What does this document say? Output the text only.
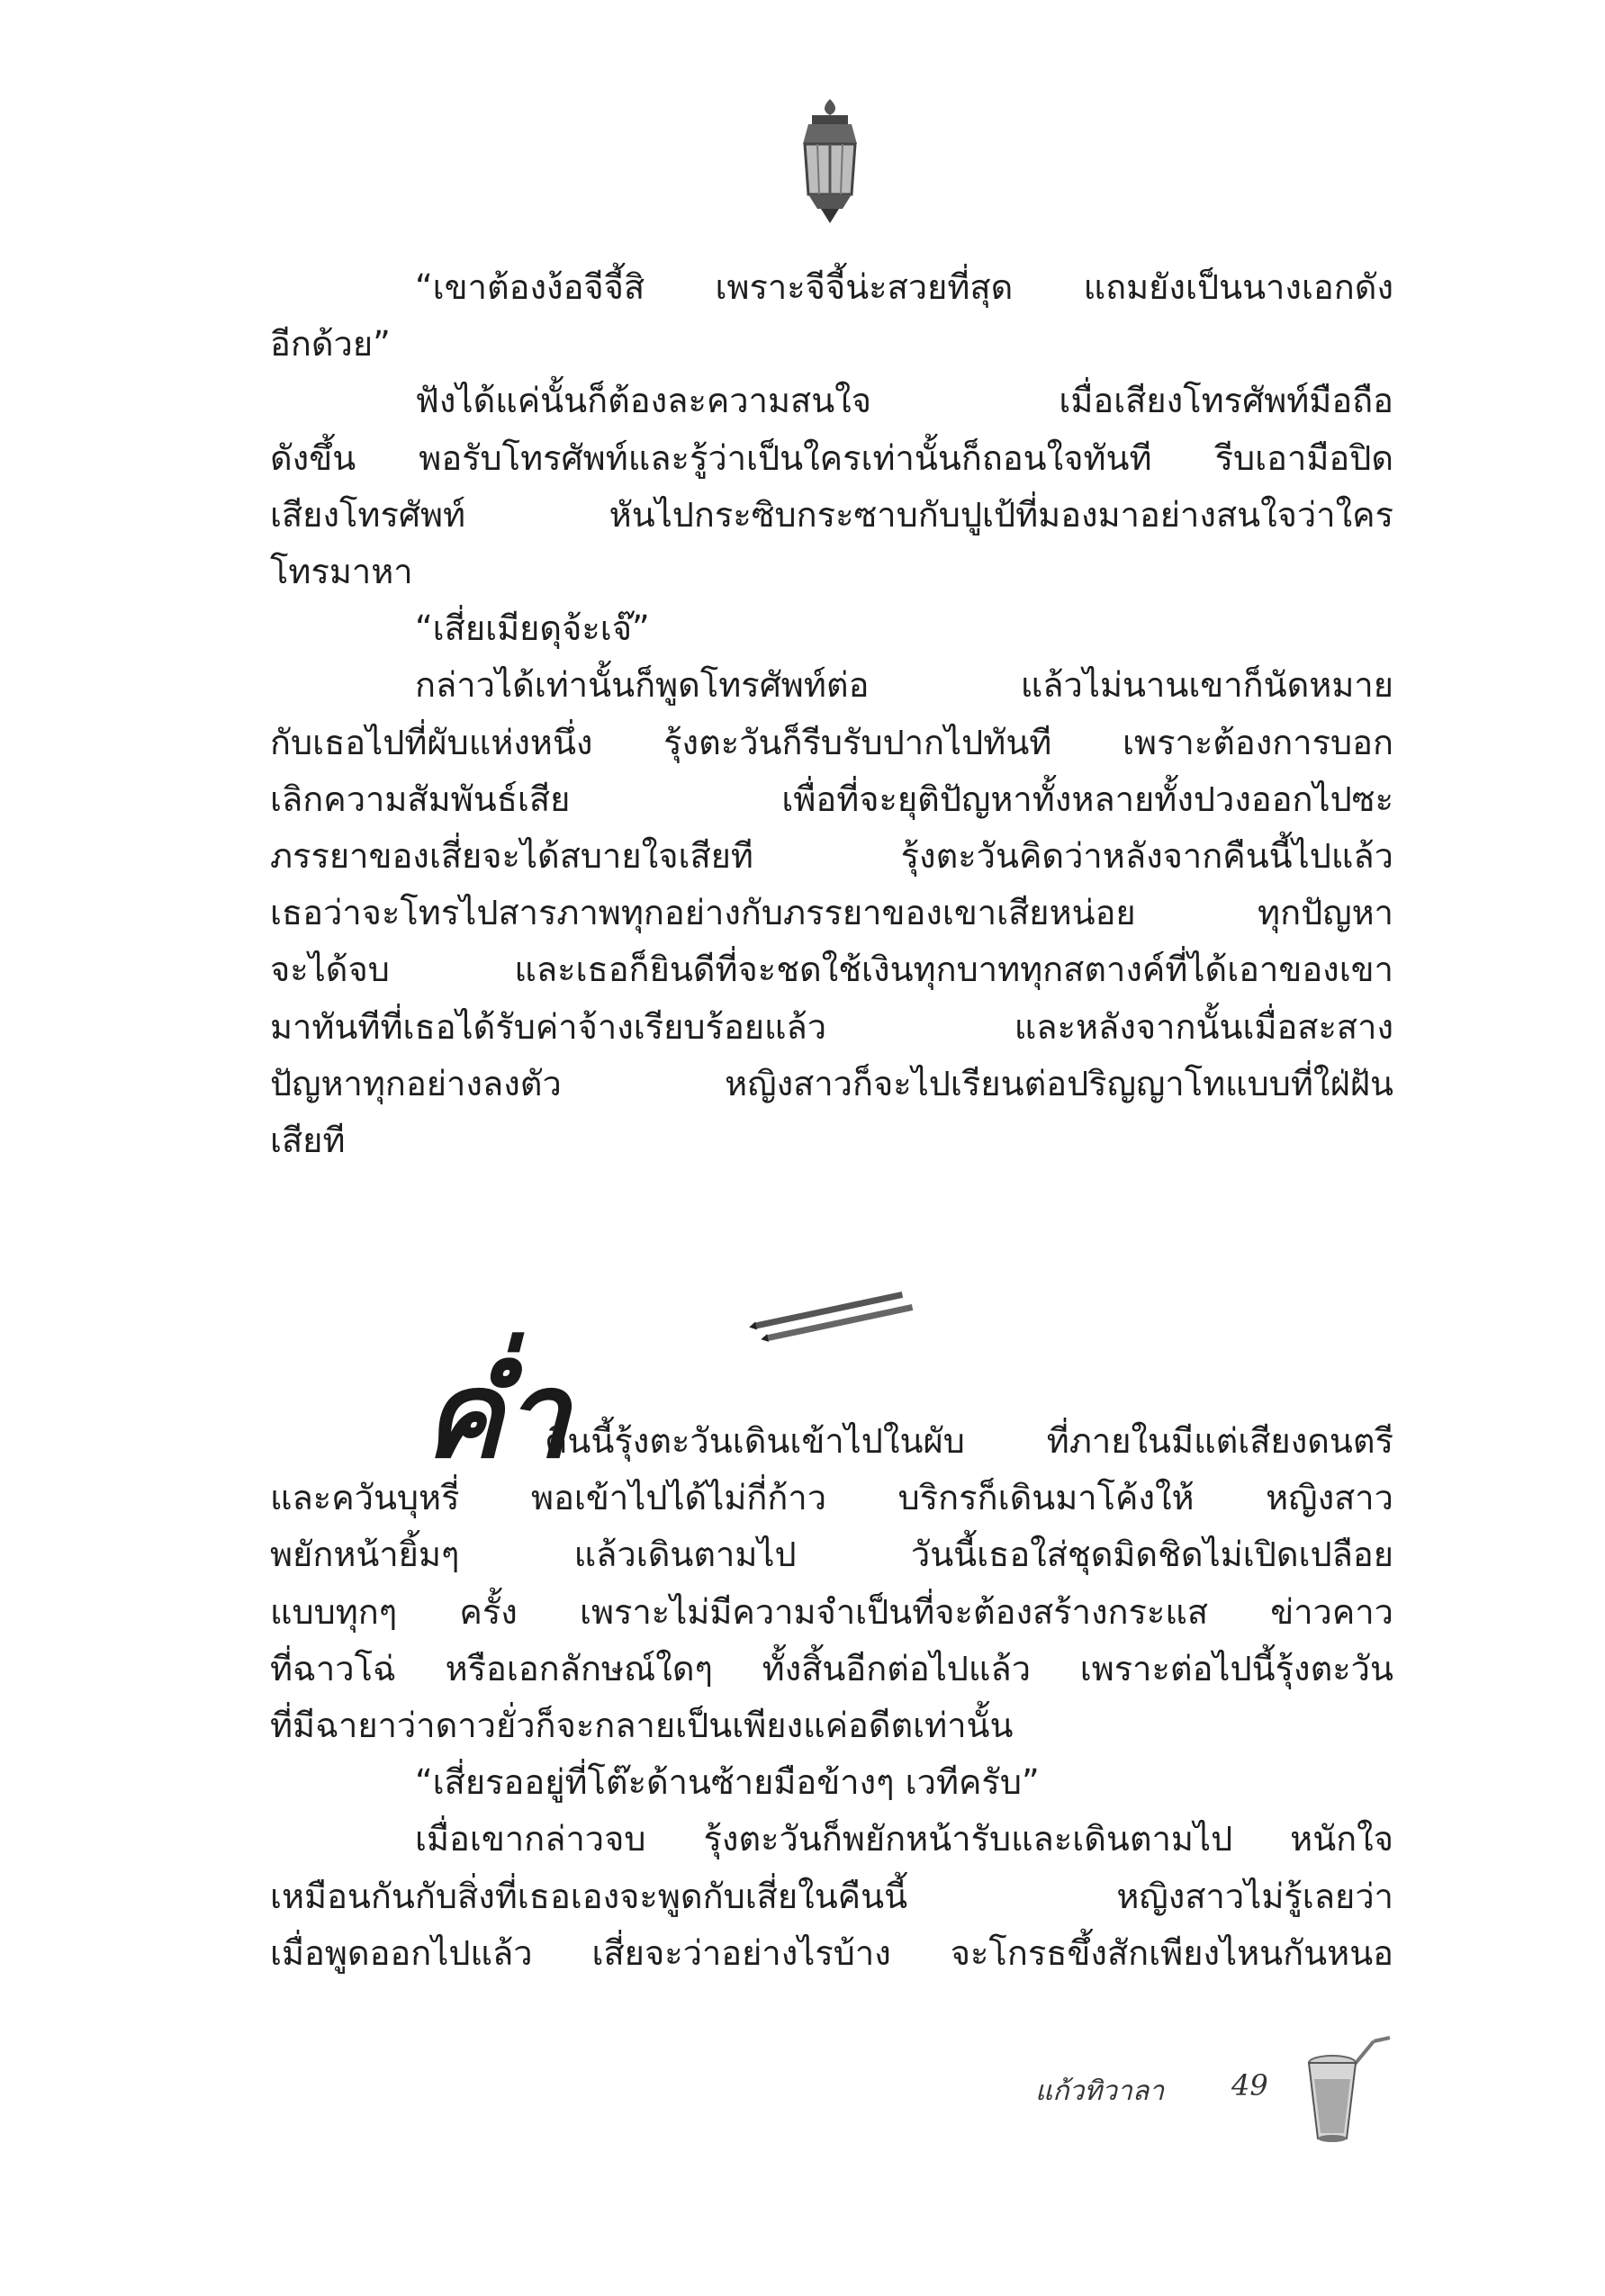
“เขาต้องง้อจีจี้สิ เพราะจีจี้น่ะสวยที่สุด แถมยังเป็นนางเอกดัง
อีกด้วย”
ฟังได้แค่นั้นก็ต้องละความสนใจ เมื่อเสียงโทรศัพท์มือถือ
ดังขึ้น พอรับโทรศัพท์และรู้ว่าเป็นใครเท่านั้นก็ถอนใจทันที รีบเอามือปิด
เสียงโทรศัพท์ หันไปกระซิบกระซาบกับปูเป้ที่มองมาอย่างสนใจว่าใคร
โทรมาหา
“เสี่ยเมียดุจ้ะเจ๊”
กล่าวได้เท่านั้นก็พูดโทรศัพท์ต่อ แล้วไม่นานเขาก็นัดหมาย
กับเธอไปที่ผับแห่งหนึ่ง รุ้งตะวันก็รีบรับปากไปทันที เพราะต้องการบอก
เลิกความสัมพันธ์เสีย เพื่อที่จะยุติปัญหาทั้งหลายทั้งปวงออกไปซะ
ภรรยาของเสี่ยจะได้สบายใจเสียที รุ้งตะวันคิดว่าหลังจากคืนนี้ไปแล้ว
เธอว่าจะโทรไปสารภาพทุกอย่างกับภรรยาของเขาเสียหน่อย ทุกปัญหา
จะได้จบ และเธอก็ยินดีที่จะชดใช้เงินทุกบาททุกสตางค์ที่ได้เอาของเขา
มาทันทีที่เธอได้รับค่าจ้างเรียบร้อยแล้ว และหลังจากนั้นเมื่อสะสาง
ปัญหาทุกอย่างลงตัว หญิงสาวก็จะไปเรียนต่อปริญญาโทแบบที่ใฝ่ฝัน
เสียที
ค่ำ
คืนนี้รุ้งตะวันเดินเข้าไปในผับ ที่ภายในมีแต่เสียงดนตรี
และควันบุหรี่ พอเข้าไปได้ไม่กี่ก้าว บริกรก็เดินมาโค้งให้ หญิงสาว
พยักหน้ายิ้มๆ แล้วเดินตามไป วันนี้เธอใส่ชุดมิดชิดไม่เปิดเปลือย
แบบทุกๆ ครั้ง เพราะไม่มีความจำเป็นที่จะต้องสร้างกระแส ข่าวคาว
ที่ฉาวโฉ่ หรือเอกลักษณ์ใดๆ ทั้งสิ้นอีกต่อไปแล้ว เพราะต่อไปนี้รุ้งตะวัน
ที่มีฉายาว่าดาวยั่วก็จะกลายเป็นเพียงแค่อดีตเท่านั้น
“เสี่ยรออยู่ที่โต๊ะด้านซ้ายมือข้างๆ เวทีครับ”
เมื่อเขากล่าวจบ รุ้งตะวันก็พยักหน้ารับและเดินตามไป หนักใจ
เหมือนกันกับสิ่งที่เธอเองจะพูดกับเสี่ยในคืนนี้ หญิงสาวไม่รู้เลยว่า
เมื่อพูดออกไปแล้ว เสี่ยจะว่าอย่างไรบ้าง จะโกรธขึ้งสักเพียงไหนกันหนอ
แก้วทิวาลา 49
